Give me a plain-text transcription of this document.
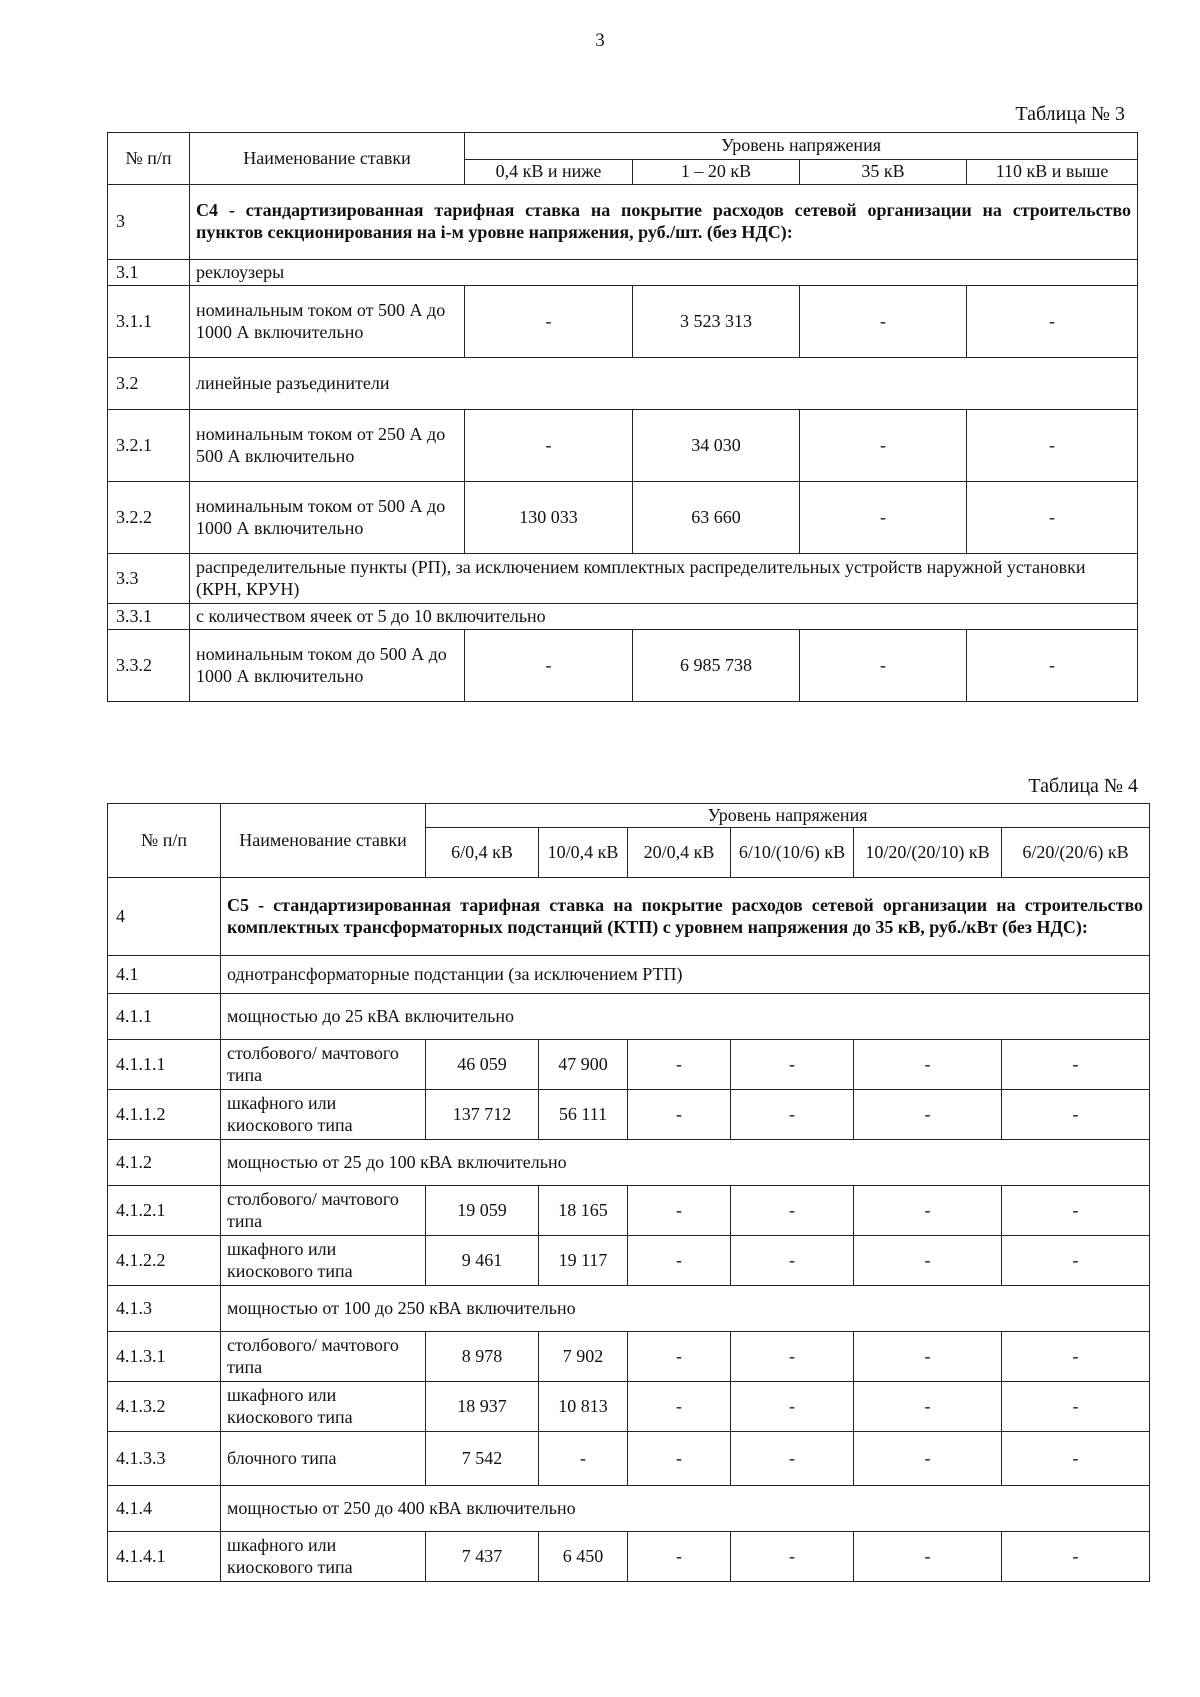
3
Таблица № 3
№ п/п	Наименование ставки	Уровень напряжения			
		0,4 кВ и ниже	1 – 20 кВ	35 кВ	110 кВ и выше
3	С4 - стандартизированная тарифная ставка на покрытие расходов сетевой организации на строительство пунктов секционирования на i-м уровне напряжения, руб./шт. (без НДС):				
3.1	реклоузеры				
3.1.1	номинальным током от 500 А до 1000 А включительно	-	3 523 313	-	-
3.2	линейные разъединители				
3.2.1	номинальным током от 250 А до 500 А включительно	-	34 030	-	-
3.2.2	номинальным током от 500 А до 1000 А включительно	130 033	63 660	-	-
3.3	распределительные пункты (РП), за исключением комплектных распределительных устройств наружной установки (КРН, КРУН)				
3.3.1	с количеством ячеек от 5 до 10 включительно				
3.3.2	номинальным током до 500 А до 1000 А включительно	-	6 985 738	-	-
Таблица № 4
№ п/п	Наименование ставки	Уровень напряжения					
		6/0,4 кВ	10/0,4 кВ	20/0,4 кВ	6/10/(10/6) кВ	10/20/(20/10) кВ	6/20/(20/6) кВ
4	С5 - стандартизированная тарифная ставка на покрытие расходов сетевой организации на строительство комплектных трансформаторных подстанций (КТП) с уровнем напряжения до 35 кВ, руб./кВт (без НДС):						
4.1	однотрансформаторные подстанции (за исключением РТП)						
4.1.1	мощностью до 25 кВА включительно						
4.1.1.1	столбового/ мачтового типа	46 059	47 900	-	-	-	-
4.1.1.2	шкафного или киоскового типа	137 712	56 111	-	-	-	-
4.1.2	мощностью от 25 до 100 кВА включительно						
4.1.2.1	столбового/ мачтового типа	19 059	18 165	-	-	-	-
4.1.2.2	шкафного или киоскового типа	9 461	19 117	-	-	-	-
4.1.3	мощностью от 100 до 250 кВА включительно						
4.1.3.1	столбового/ мачтового типа	8 978	7 902	-	-	-	-
4.1.3.2	шкафного или киоскового типа	18 937	10 813	-	-	-	-
4.1.3.3	блочного типа	7 542	-	-	-	-	-
4.1.4	мощностью от 250 до 400 кВА включительно						
4.1.4.1	шкафного или киоскового типа	7 437	6 450	-	-	-	-
